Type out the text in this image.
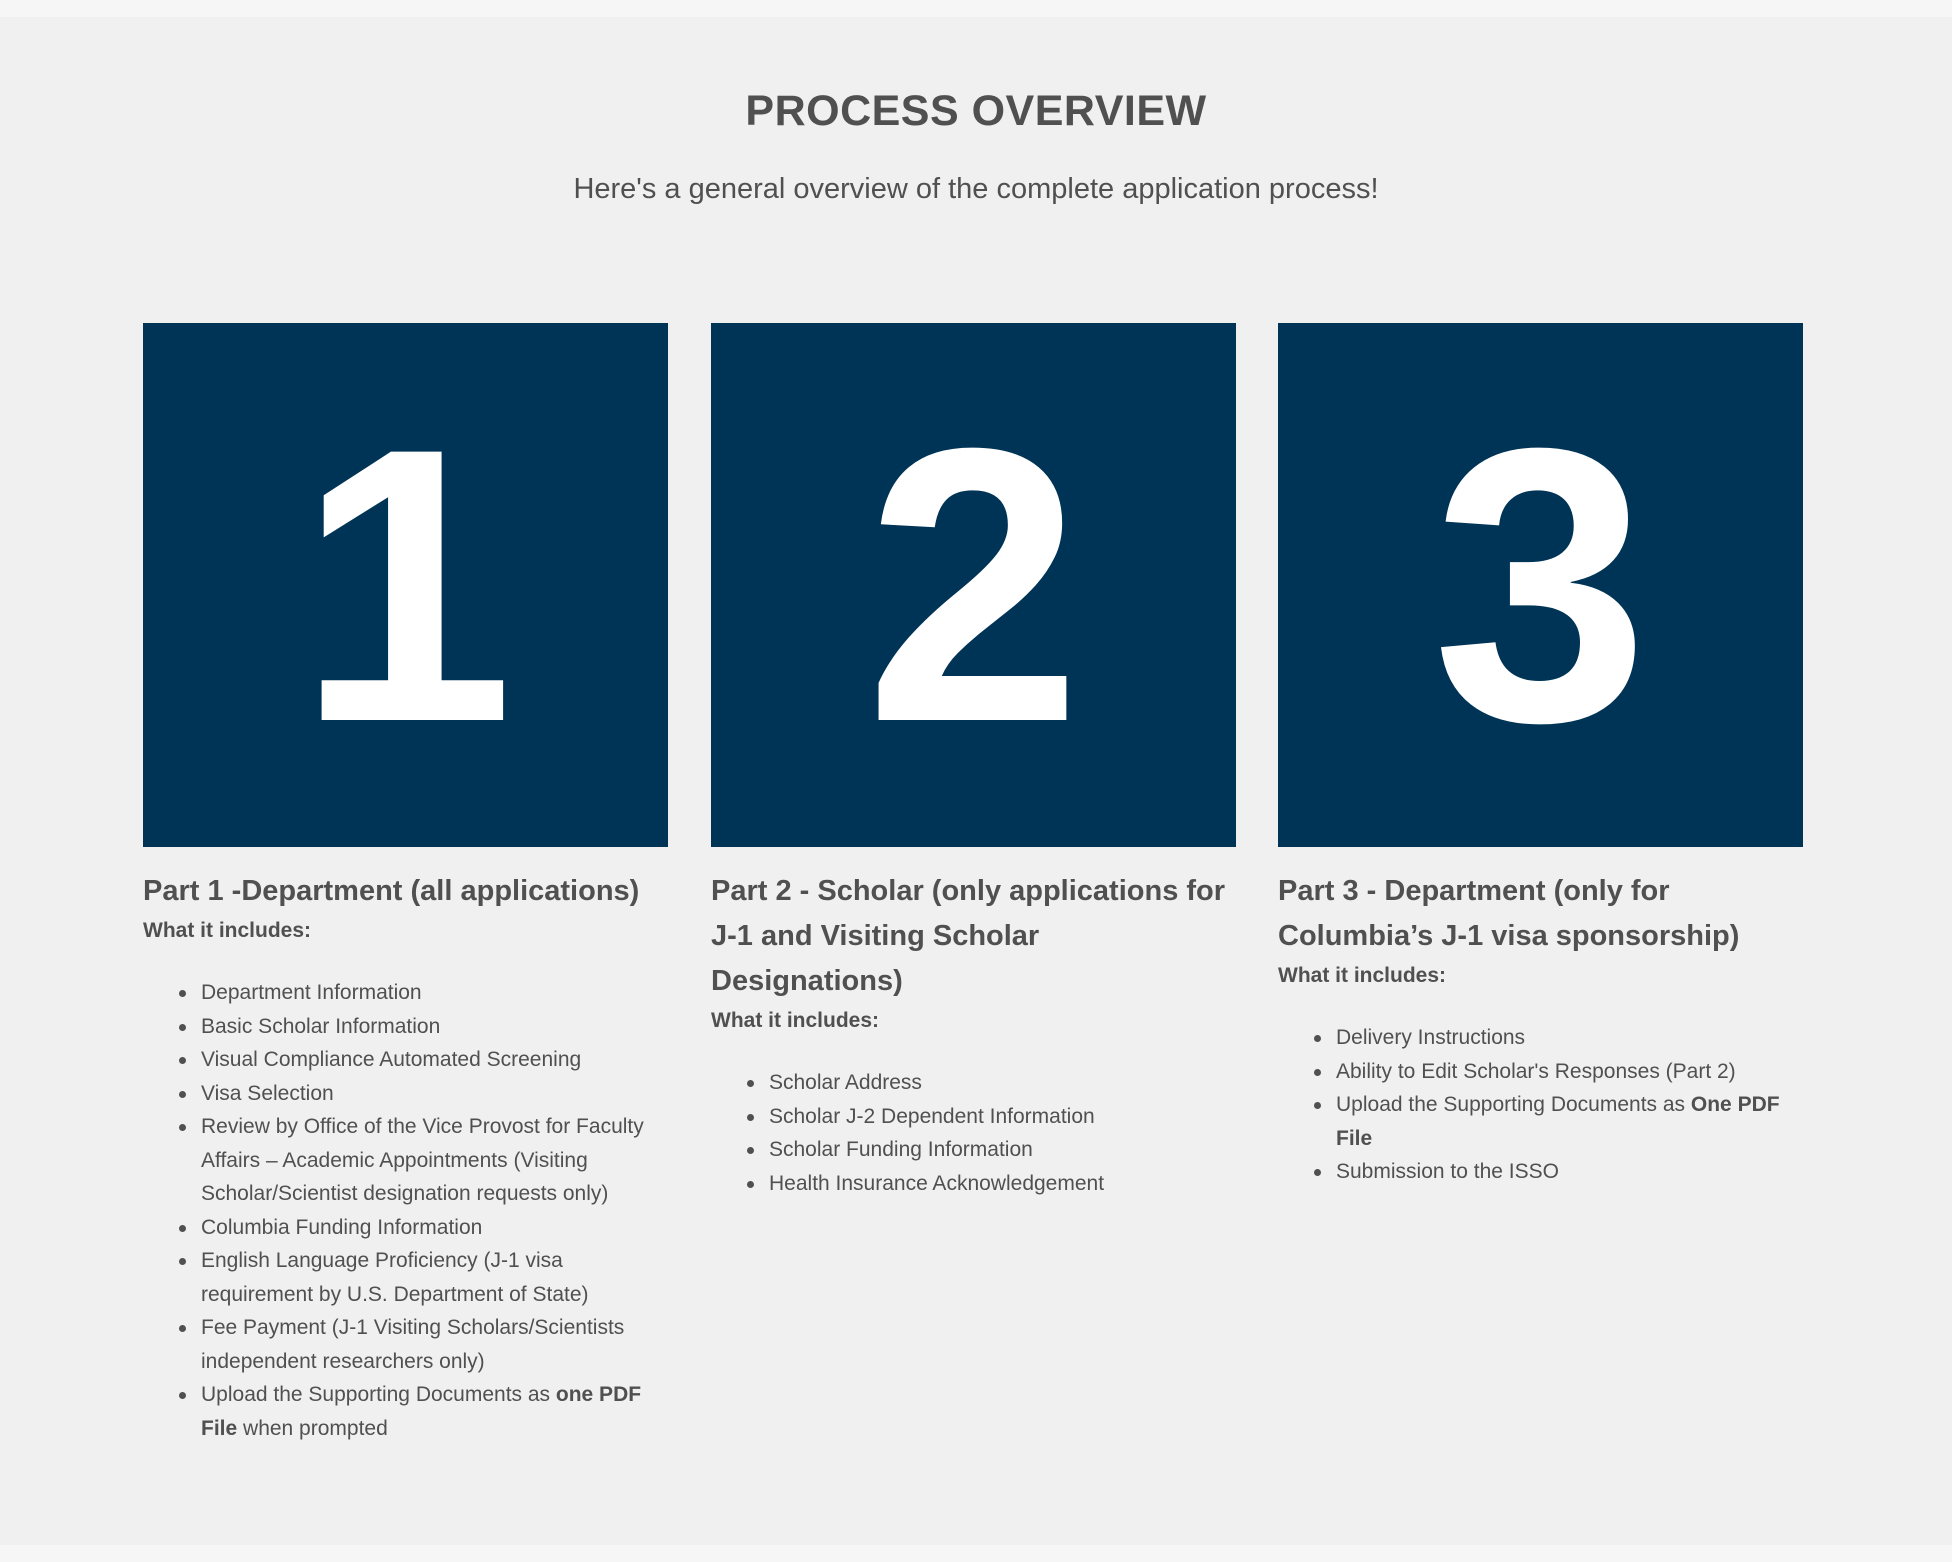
PROCESS OVERVIEW

Here's a general overview of the complete application process!

1
Part 1 -Department (all applications)
What it includes:
Department Information
Basic Scholar Information
Visual Compliance Automated Screening
Visa Selection
Review by Office of the Vice Provost for Faculty Affairs – Academic Appointments (Visiting Scholar/Scientist designation requests only)
Columbia Funding Information
English Language Proficiency (J-1 visa requirement by U.S. Department of State)
Fee Payment (J-1 Visiting Scholars/Scientists independent researchers only)
Upload the Supporting Documents as one PDF File when prompted
2
Part 2 - Scholar (only applications for J-1 and Visiting Scholar Designations)
What it includes:
Scholar Address
Scholar J-2 Dependent Information
Scholar Funding Information
Health Insurance Acknowledgement
3
Part 3 - Department (only for Columbia’s J-1 visa sponsorship)
What it includes:
Delivery Instructions
Ability to Edit Scholar's Responses (Part 2)
Upload the Supporting Documents as One PDF File
Submission to the ISSO
